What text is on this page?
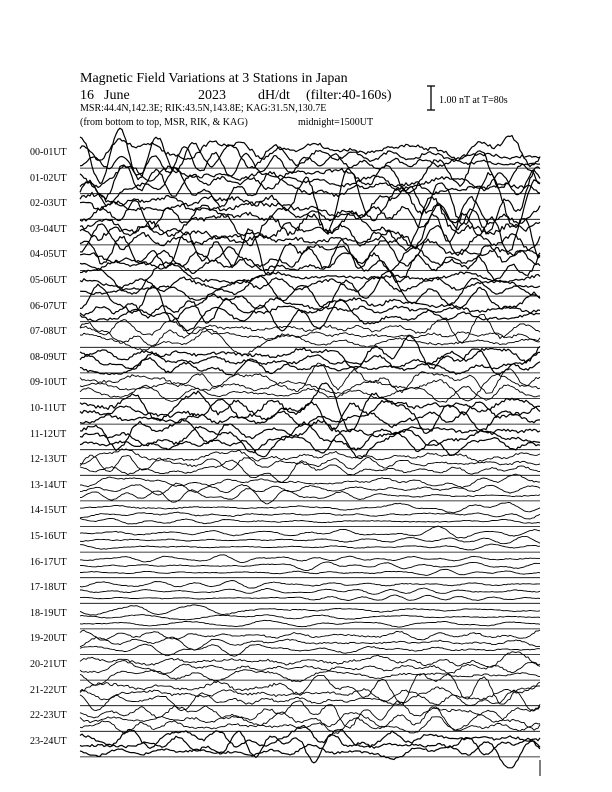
Magnetic Field Variations at 3 Stations in Japan
16 June	2023 dH/dt (filter:40-160s)
MSR:44.4N,142.3E; RIK:43.5N,143.8E; KAG:31.5N,130.7E
(from bottom to top, MSR, RIK, & KAG)	midnight=1500UT
1.00 nT at T=80s
00-01UT
01-02UT
02-03UT
03-04UT
04-05UT
05-06UT
06-07UT
07-08UT
08-09UT
09-10UT
10-11UT
11-12UT
12-13UT
13-14UT
14-15UT
15-16UT
16-17UT
17-18UT
18-19UT
19-20UT
20-21UT
21-22UT
22-23UT
23-24UT
